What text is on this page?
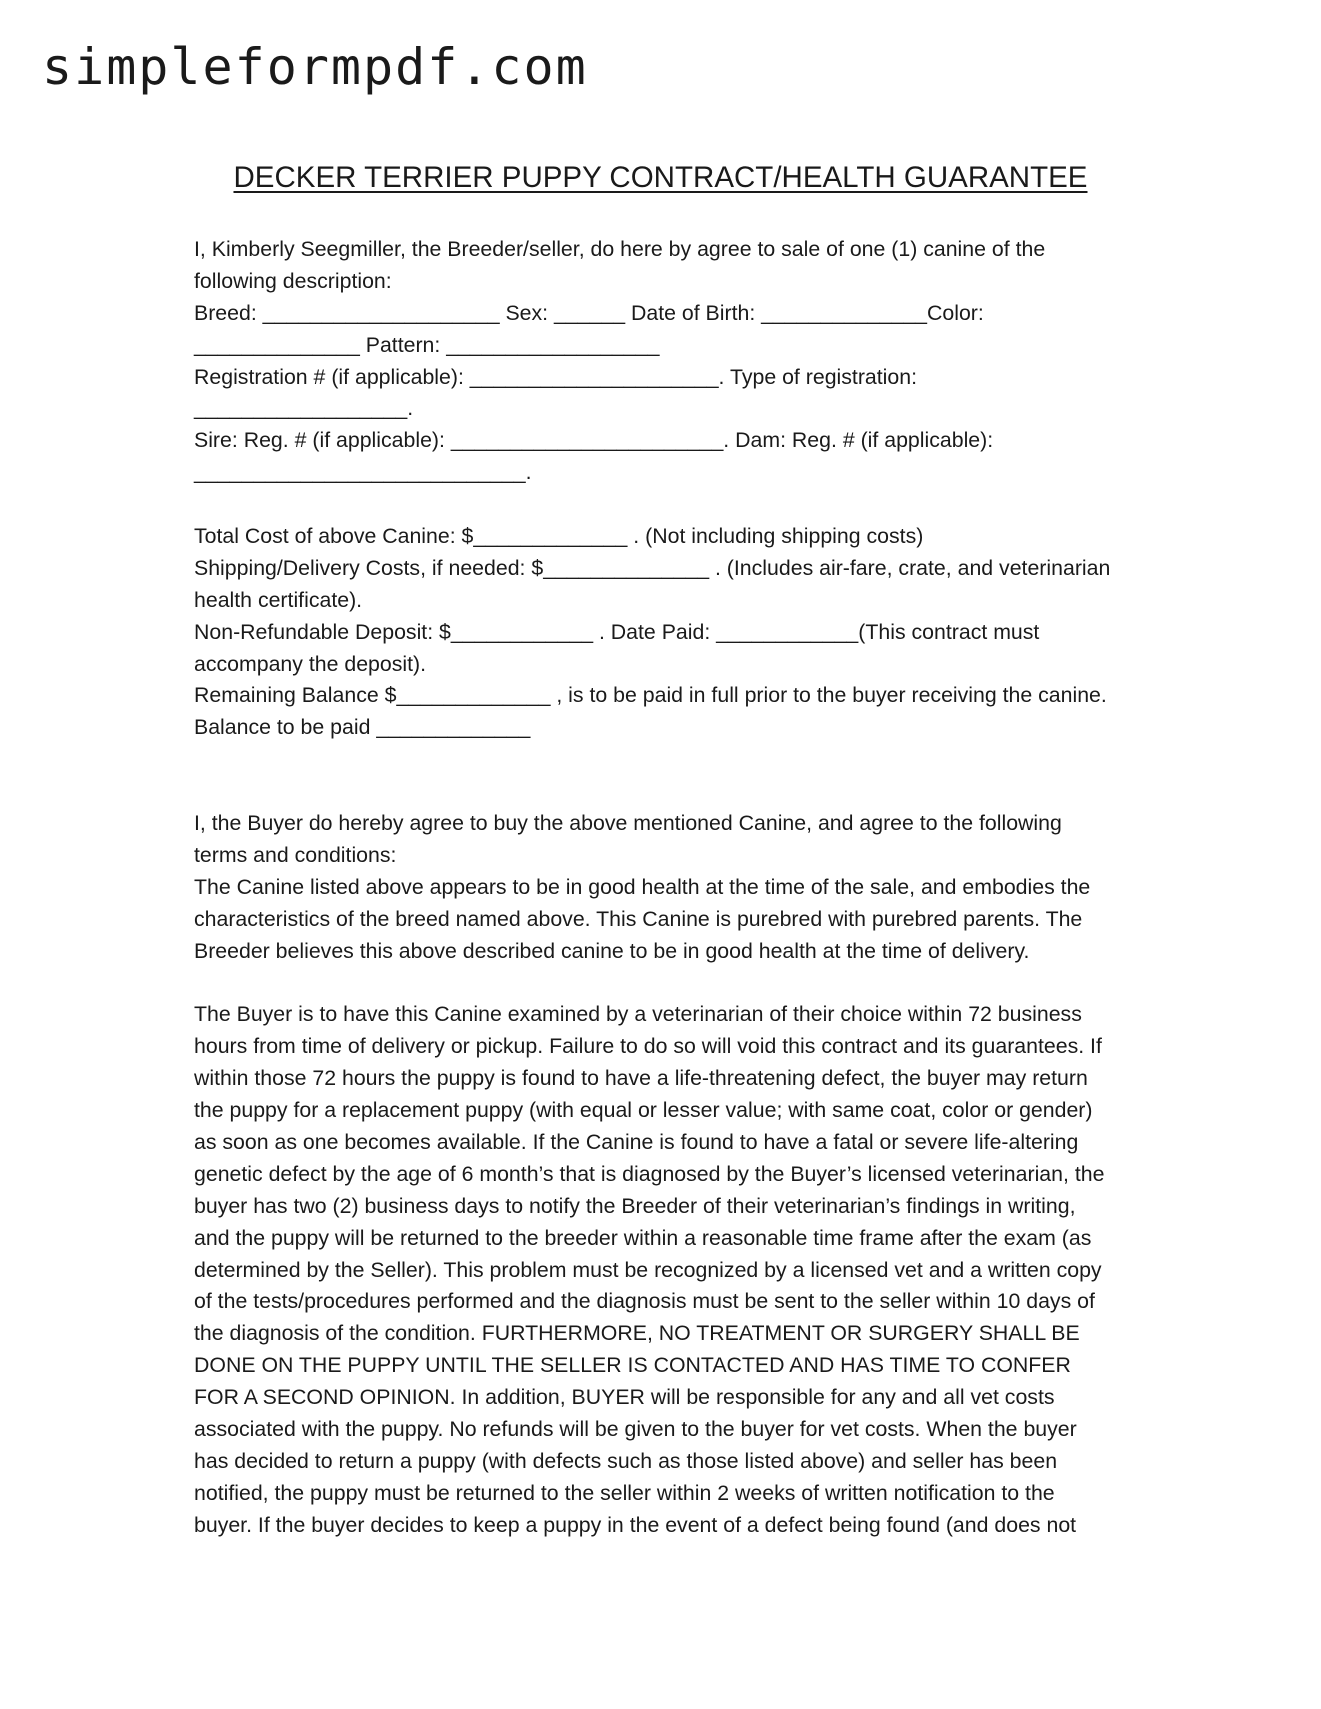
simpleformpdf.com
DECKER TERRIER PUPPY CONTRACT/HEALTH GUARANTEE
I, Kimberly Seegmiller, the Breeder/seller, do here by agree to sale of one (1) canine of the
following description:
Breed: ____________________ Sex: ______ Date of Birth: ______________Color:
______________ Pattern: __________________
Registration # (if applicable): _____________________. Type of registration:
__________________.
Sire: Reg. # (if applicable): _______________________. Dam: Reg. # (if applicable):
____________________________.
Total Cost of above Canine: $_____________ . (Not including shipping costs)
Shipping/Delivery Costs, if needed: $______________ . (Includes air-fare, crate, and veterinarian
health certificate).
Non-Refundable Deposit: $____________ . Date Paid: ____________(This contract must
accompany the deposit).
Remaining Balance $_____________ , is to be paid in full prior to the buyer receiving the canine.
Balance to be paid _____________
I, the Buyer do hereby agree to buy the above mentioned Canine, and agree to the following
terms and conditions:
The Canine listed above appears to be in good health at the time of the sale, and embodies the
characteristics of the breed named above. This Canine is purebred with purebred parents. The
Breeder believes this above described canine to be in good health at the time of delivery.
The Buyer is to have this Canine examined by a veterinarian of their choice within 72 business
hours from time of delivery or pickup. Failure to do so will void this contract and its guarantees. If
within those 72 hours the puppy is found to have a life-threatening defect, the buyer may return
the puppy for a replacement puppy (with equal or lesser value; with same coat, color or gender)
as soon as one becomes available. If the Canine is found to have a fatal or severe life-altering
genetic defect by the age of 6 month’s that is diagnosed by the Buyer’s licensed veterinarian, the
buyer has two (2) business days to notify the Breeder of their veterinarian’s findings in writing,
and the puppy will be returned to the breeder within a reasonable time frame after the exam (as
determined by the Seller). This problem must be recognized by a licensed vet and a written copy
of the tests/procedures performed and the diagnosis must be sent to the seller within 10 days of
the diagnosis of the condition. FURTHERMORE, NO TREATMENT OR SURGERY SHALL BE
DONE ON THE PUPPY UNTIL THE SELLER IS CONTACTED AND HAS TIME TO CONFER
FOR A SECOND OPINION. In addition, BUYER will be responsible for any and all vet costs
associated with the puppy. No refunds will be given to the buyer for vet costs. When the buyer
has decided to return a puppy (with defects such as those listed above) and seller has been
notified, the puppy must be returned to the seller within 2 weeks of written notification to the
buyer. If the buyer decides to keep a puppy in the event of a defect being found (and does not
